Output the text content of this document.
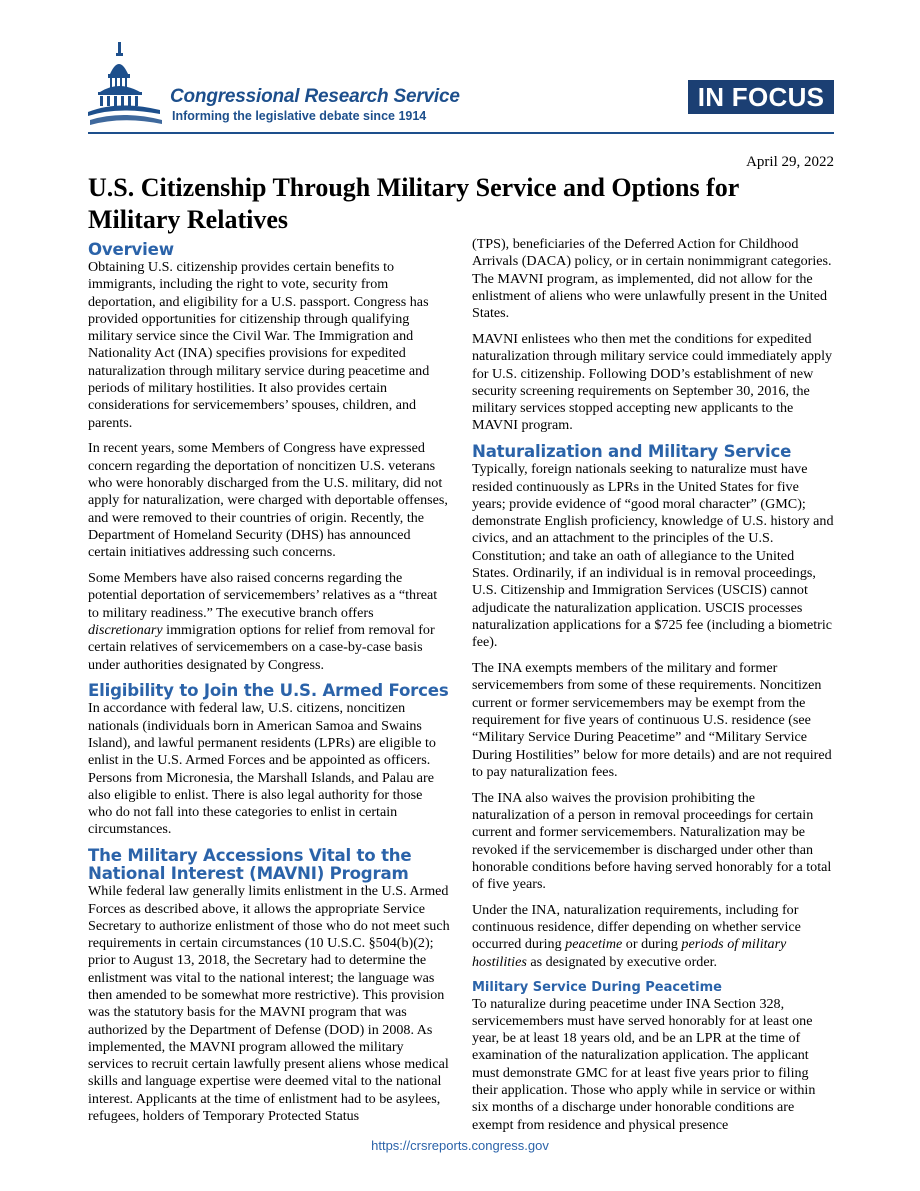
Congressional Research Service
Informing the legislative debate since 1914
IN FOCUS
April 29, 2022
U.S. Citizenship Through Military Service and Options for Military Relatives
Overview

Obtaining U.S. citizenship provides certain benefits to immigrants, including the right to vote, security from deportation, and eligibility for a U.S. passport. Congress has provided opportunities for citizenship through qualifying military service since the Civil War. The Immigration and Nationality Act (INA) specifies provisions for expedited naturalization through military service during peacetime and periods of military hostilities. It also provides certain considerations for servicemembers’ spouses, children, and parents.

In recent years, some Members of Congress have expressed concern regarding the deportation of noncitizen U.S. veterans who were honorably discharged from the U.S. military, did not apply for naturalization, were charged with deportable offenses, and were removed to their countries of origin. Recently, the Department of Homeland Security (DHS) has announced certain initiatives addressing such concerns.

Some Members have also raised concerns regarding the potential deportation of servicemembers’ relatives as a “threat to military readiness.” The executive branch offers discretionary immigration options for relief from removal for certain relatives of servicemembers on a case-by-case basis under authorities designated by Congress.

Eligibility to Join the U.S. Armed Forces

In accordance with federal law, U.S. citizens, noncitizen nationals (individuals born in American Samoa and Swains Island), and lawful permanent residents (LPRs) are eligible to enlist in the U.S. Armed Forces and be appointed as officers. Persons from Micronesia, the Marshall Islands, and Palau are also eligible to enlist. There is also legal authority for those who do not fall into these categories to enlist in certain circumstances.

The Military Accessions Vital to the National Interest (MAVNI) Program

While federal law generally limits enlistment in the U.S. Armed Forces as described above, it allows the appropriate Service Secretary to authorize enlistment of those who do not meet such requirements in certain circumstances (10 U.S.C. §504(b)(2); prior to August 13, 2018, the Secretary had to determine the enlistment was vital to the national interest; the language was then amended to be somewhat more restrictive). This provision was the statutory basis for the MAVNI program that was authorized by the Department of Defense (DOD) in 2008. As implemented, the MAVNI program allowed the military services to recruit certain lawfully present aliens whose medical skills and language expertise were deemed vital to the national interest. Applicants at the time of enlistment had to be asylees, refugees, holders of Temporary Protected Status

(TPS), beneficiaries of the Deferred Action for Childhood Arrivals (DACA) policy, or in certain nonimmigrant categories. The MAVNI program, as implemented, did not allow for the enlistment of aliens who were unlawfully present in the United States.

MAVNI enlistees who then met the conditions for expedited naturalization through military service could immediately apply for U.S. citizenship. Following DOD’s establishment of new security screening requirements on September 30, 2016, the military services stopped accepting new applicants to the MAVNI program.

Naturalization and Military Service

Typically, foreign nationals seeking to naturalize must have resided continuously as LPRs in the United States for five years; provide evidence of “good moral character” (GMC); demonstrate English proficiency, knowledge of U.S. history and civics, and an attachment to the principles of the U.S. Constitution; and take an oath of allegiance to the United States. Ordinarily, if an individual is in removal proceedings, U.S. Citizenship and Immigration Services (USCIS) cannot adjudicate the naturalization application. USCIS processes naturalization applications for a $725 fee (including a biometric fee).

The INA exempts members of the military and former servicemembers from some of these requirements. Noncitizen current or former servicemembers may be exempt from the requirement for five years of continuous U.S. residence (see “Military Service During Peacetime” and “Military Service During Hostilities” below for more details) and are not required to pay naturalization fees.

The INA also waives the provision prohibiting the naturalization of a person in removal proceedings for certain current and former servicemembers. Naturalization may be revoked if the servicemember is discharged under other than honorable conditions before having served honorably for a total of five years.

Under the INA, naturalization requirements, including for continuous residence, differ depending on whether service occurred during peacetime or during periods of military hostilities as designated by executive order.

Military Service During Peacetime

To naturalize during peacetime under INA Section 328, servicemembers must have served honorably for at least one year, be at least 18 years old, and be an LPR at the time of examination of the naturalization application. The applicant must demonstrate GMC for at least five years prior to filing their application. Those who apply while in service or within six months of a discharge under honorable conditions are exempt from residence and physical presence

https://crsreports.congress.gov
